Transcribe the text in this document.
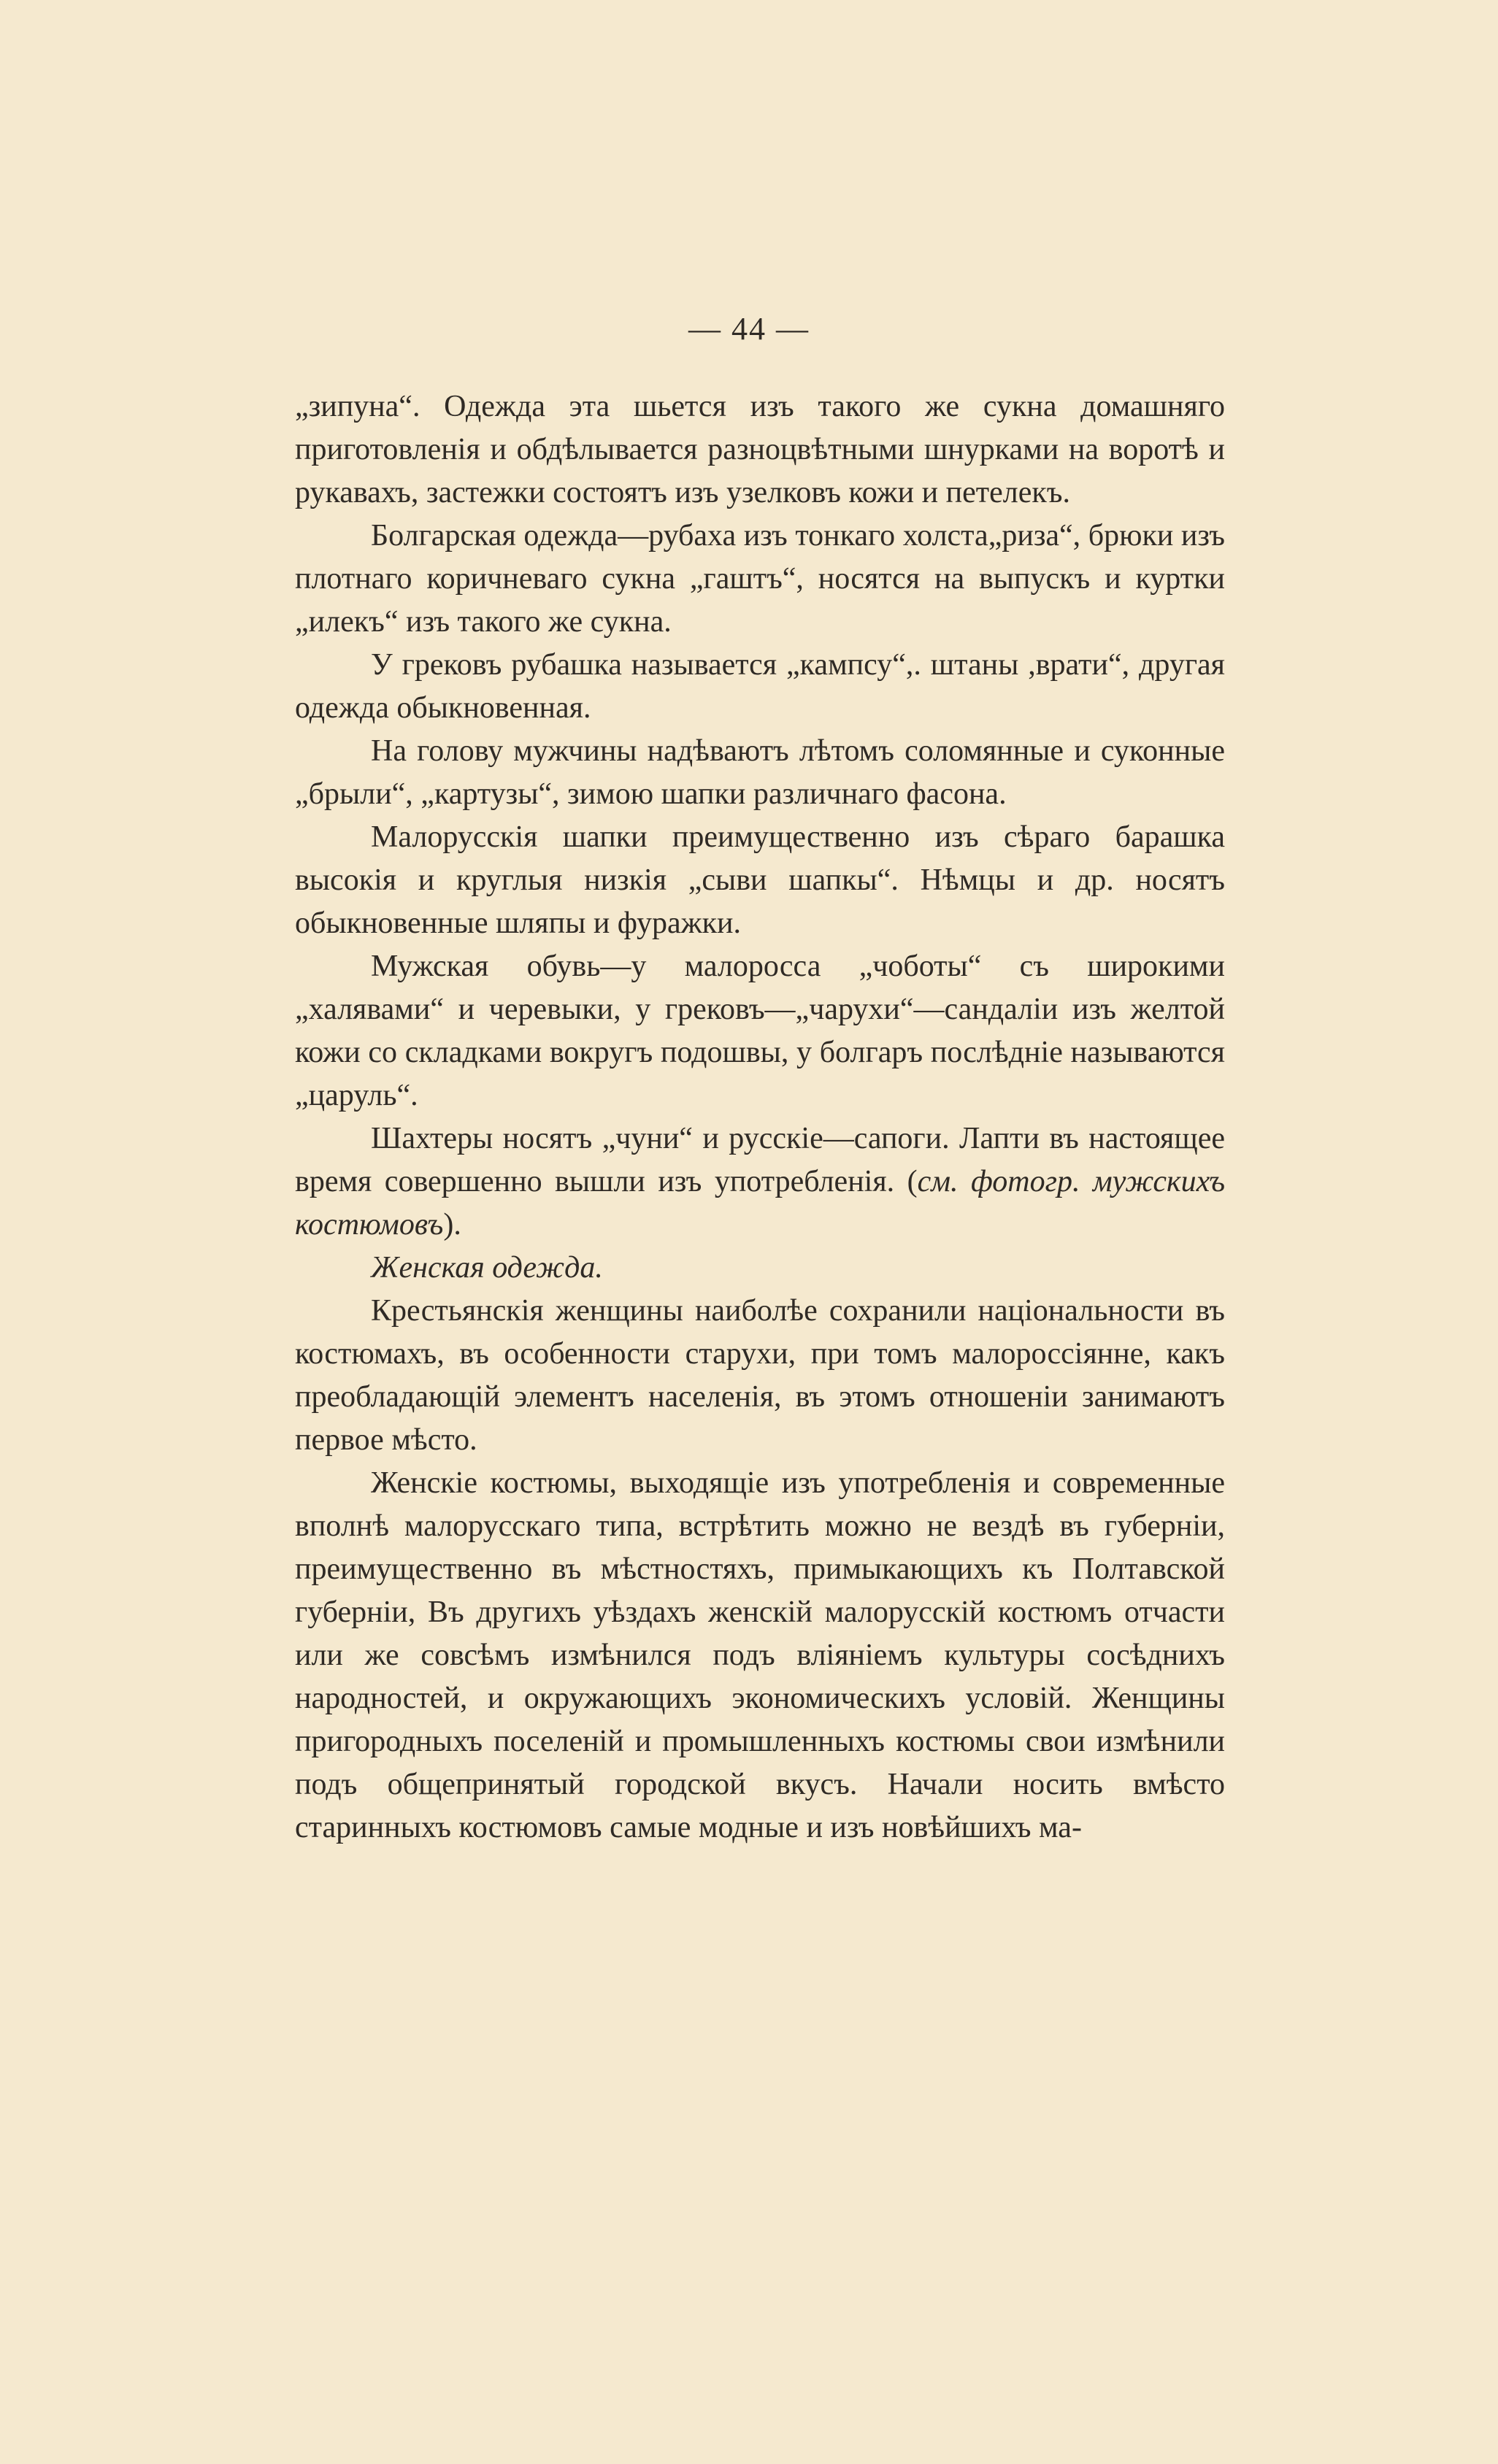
— 44 —

„зипуна“. Одежда эта шьется изъ такого же сукна домашняго приготовленія и обдѣлывается разноцвѣтными шнурками на воротѣ и рукавахъ, застежки состоятъ изъ узелковъ кожи и петелекъ.

Болгарская одежда—рубаха изъ тонкаго холста„риза“, брюки изъ плотнаго коричневаго сукна „гаштъ“, носятся на выпускъ и куртки „илекъ“ изъ такого же сукна.

У грековъ рубашка называется „кампсу“,. штаны ,врати“, другая одежда обыкновенная.

На голову мужчины надѣваютъ лѣтомъ соломянные и суконные „брыли“, „картузы“, зимою шапки различнаго фасона.

Малорусскія шапки преимущественно изъ сѣраго барашка высокія и круглыя низкія „сыви шапкы“. Нѣмцы и др. носятъ обыкновенные шляпы и фуражки.

Мужская обувь—у малоросса „чоботы“ съ широкими „халявами“ и черевыки, у грековъ—„чарухи“—сандаліи изъ желтой кожи со складками вокругъ подошвы, у болгаръ послѣдніе называются „царуль“.

Шахтеры носятъ „чуни“ и русскіе—сапоги. Лапти въ настоящее время совершенно вышли изъ употребленія. (см. фотогр. мужскихъ костюмовъ).

Женская одежда.

Крестьянскія женщины наиболѣе сохранили національности въ костюмахъ, въ особенности старухи, при томъ малороссіянне, какъ преобладающій элементъ населенія, въ этомъ отношеніи занимаютъ первое мѣсто.

Женскіе костюмы, выходящіе изъ употребленія и современные вполнѣ малорусскаго типа, встрѣтить можно не вездѣ въ губерніи, преимущественно въ мѣстностяхъ, примыкающихъ къ Полтавской губерніи, Въ другихъ уѣздахъ женскій малорусскій костюмъ отчасти или же совсѣмъ измѣнился подъ вліяніемъ культуры сосѣднихъ народностей, и окружающихъ экономическихъ условій. Женщины пригородныхъ поселеній и промышленныхъ костюмы свои измѣнили подъ общепринятый городской вкусъ. Начали носить вмѣсто старинныхъ костюмовъ самые модные и изъ новѣйшихъ ма-
